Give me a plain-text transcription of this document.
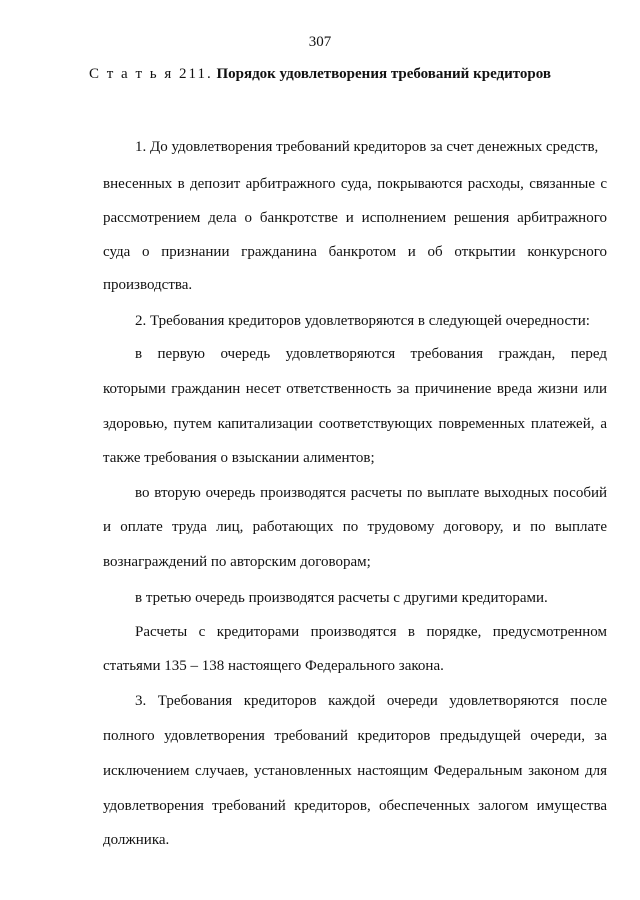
307
С т а т ь я 211. Порядок удовлетворения требований кредиторов
1. До удовлетворения требований кредиторов за счет денежных средств,
внесенных в депозит арбитражного суда, покрываются расходы, связанные с
рассмотрением дела о банкротстве и исполнением решения арбитражного
суда о признании гражданина банкротом и об открытии конкурсного
производства.
2. Требования кредиторов удовлетворяются в следующей очередности:
в первую очередь удовлетворяются требования граждан, перед
которыми гражданин несет ответственность за причинение вреда жизни или
здоровью, путем капитализации соответствующих повременных платежей, а
также требования о взыскании алиментов;
во вторую очередь производятся расчеты по выплате выходных пособий
и оплате труда лиц, работающих по трудовому договору, и по выплате
вознаграждений по авторским договорам;
в третью очередь производятся расчеты с другими кредиторами.
Расчеты с кредиторами производятся в порядке, предусмотренном
статьями 135 – 138 настоящего Федерального закона.
3. Требования кредиторов каждой очереди удовлетворяются после
полного удовлетворения требований кредиторов предыдущей очереди, за
исключением случаев, установленных настоящим Федеральным законом для
удовлетворения требований кредиторов, обеспеченных залогом имущества
должника.
